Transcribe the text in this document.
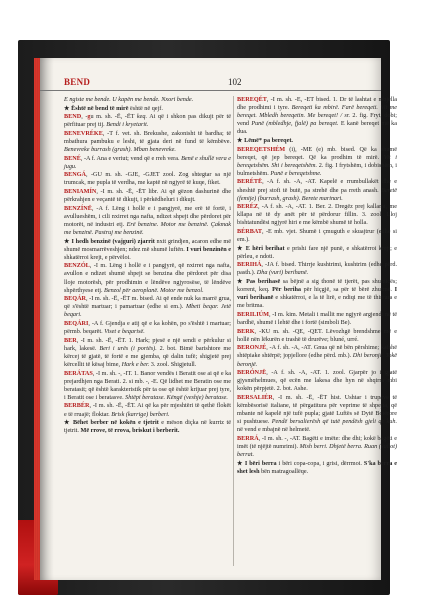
BEND	102

E ngiste me bende. U kapën me bende. Nxori bende.

★ Është në bend të mirë është në qejf.

BEND, -gu m. sh. -Ë, -ËT keq. Ai që i shkon pas dikujt për të përfituar prej tij. Bendi i kryetarit.

BENEVRÉKE, -T f. vet. sh. Brekushe, zakonisht të bardha; të mbathura pambuku e leshi, të gjata deri në fund të këmbëve. Benevreke burrash (grash). Mban benevreke.

BENÉ, -A f. Ana e veriut; vend që e rreh vera. Benë e shullë vera e jugu.

BENGÁ, -GU m. sh. -GJE, -GJET zool. Zog shtegtar sa një trumcak, me pupla të verdha, me kaptë në ngjyrë të kuqe, fiket.

BENIAMÍN, -I m. sh. -Ë, -ËT libr. Ai që gëzon dashurinë dhe përkrahjen e veçantë të dikujt, i përkëdheluri i dikujt.

BENZÍNË, -A f. Lëng i hollë e i pangjyrë, me erë të fortë, i avullueshëm, i cili nxirret nga nafta, ndizet shpejt dhe përdoret për motorët, në industri etj. Erë benzine. Motor me benzinë. Çakmak me benzinë. Pastruj me benzinë.

★ I hedh benzinë (vajguri) zjarrit nxit grindjen, acaron edhe më shumë mosmarrëveshjen; ndez më shumë luftën. I vuri benzinën e shkatërroi krejt, e përvëloi.

BENZÓL, -I m. Lëng i hollë e i pangjyrë, që nxirret nga nafta, avullon e ndizet shumë shpejt se benzina dhe përdoret për disa lloje motorësh, për prodhimin e lëndëve ngjyrosëse, të lëndëve shpërthyese etj. Benzol për aeroplanë. Motor me benzol.

BEQÁR, -I m. sh. -Ë, -ËT m. bised. Ai që ende nuk ka marrë grua, që s'është martuar; i pamartuar (edhe si em.). Mbeti beqar. Jetë beqari.

BEQÁRI, -A f. Gjendja e atij që e ka kohën, po s'është i martuar; përmb. beqarët. Viset e beqarisë.

BER, -I m. sh. -Ë, -ËT. 1. Hark; pjesë e një sendi e përkulur si hark, lakesë. Beri i urës (i portës). 2. bot. Bimë barishtore me kërcej të gjatë, të fortë e me gjemba, që dalin tufë; shigjetë prej kërcellit të kësaj bime, Hark e ber. 3. zool. Shigjetull.

BERÁTAS, -I m. sh. -, -IT. 1. Banor vendës i Beratit ose ai që e ka prejardhjen nga Berati. 2. si mb. -, -E. Që lidhet me Beratin ose me beratasit; që është karakteristik për ta ose që është krijuar prej tyre, i Beratit ose i beratasve. Shtëpi beratase. Këngë (veshje) beratase.

BERBÉR, -I m. sh. -Ë, -ËT. Ai që ka për mjeshtëri të qethë flokët e të rruajë; floktar. Brisk (karrige) berberi.

★ Bëhet berber në kokën e tjetrit e mëson diçka në kurriz të tjetrit. Më rrove, të rrova, briskut i berberit.

BEREQÉT, -I m. sh. -E, -ET bised. 1. Dr të lashtat e mbjella dhe prodhimi i tyre. Bereqeti ka mbirë. Farë bereqeti. Vit me bereqet. Mbledh bereqetin. Me bereqet! / sr. 2. fig. Fryt, dobi; vend Punë (mbledhje, fjalë) pa bereqet. E kanë bereqet më ka dua.

★ Lëmë* pa bereqet.

BEREQETSHÉM (i), -ME (e) mb. bised. Që ka shumë bereqet, që jep bereqet. Që ka prodhim të mirë. Vit i bereqetshëm. Shi i bereqetshëm. 2. fig. I frytshëm, i dobishëm, i bulmetshëm. Punë e bereqetshme.

BERÉTË, -A f. sh. -A, -AT. Kapelë e rrumbullakët dhe e sheshtë prej stofi të butë, pa strehë dhe pa rreth anash. Beretë (femije) (burrash, grash). Berete marinari.

BERÉZ, -A f. sh. -A, -AT. 1. Ber. 2. Dregëz prej kallami, me kllapa në të dy anët për të përdorur fillin. 3. zool. Lloj bishtatundësi ngjyrë hiri e me këmbë shumë të holla.

BÉRBAT, -E mb. vjet. Shumë i çmuguth e skuajtrur (edhe si em.).

★ E hëri berihat e prishi fare një punë, e shkatërroi krejt; e përleu, e ndoti.

BERIHÁ, -JA f. bised. Thirrje kushtrimi, kushtrim (edhe përd. pasth.). Dha (vuri) berihanë.

★ Pas berihasë sa bëjnë a sig thonë të tjerët, pas shumicës; korrent, keq. Për beriha për hiçgjë, sa për të bërë zhurmë. I vuri berihanë e shkatërroi, e la të lirë, e ndiqi me të thirrura e me britma.

BERILIÚM, -I m. kim. Metali i mallit me ngjyrë argjendi në të bardhë, shumë i lehtë dhe i fortë (simboli Be).

BERK, -KU m. sh. -QE, -QET. Lëvozhgë brendshme më e hollë nën lëkurën e trashë të drurëve; bluné, urré.

BERONJÉ, -A f. sh. -A, -AT. Gnua që në bën përshime; kafshë shtëpiake shtërpë; jopjellore (edhe përd. mb.). Dhi beronjë. Tokë beronjë.

BERÓNJË, -A f. sh. -A, -AT. 1. zool. Gjarpër jo i gjatë gjysmëhelmues, që ecën me lakesa dhe hyn në shqirra mbi kokën përpjetë. 2. bot. Ashe.

BERSALIÉR, -I m. sh. -Ë, -ËT hist. Ushtar i trupave të këmbësorisë italiane, të përgatitura për veprime të shpejta, që mbante në kapelë një tufë pupla; gjatë Luftës së Dytë Botërore si pushtuese. Pendë bersalierësh që tutë pendësh gjeli që kuh. në vend e mbajnë në helmetë.

BERRÁ, -I m. sh. -, -AT. Bagëti e imëte: dhe dhi; kokë bagëti e imët (të njëjtë numrimi). Mish berri. Dhjetë berra. Ruan (kullot) berrat.

★ I bëri berra i bëri copa-copa, i grisi, dërrmoi. S'ka berra e shet lesh bën matragoallëqe.
